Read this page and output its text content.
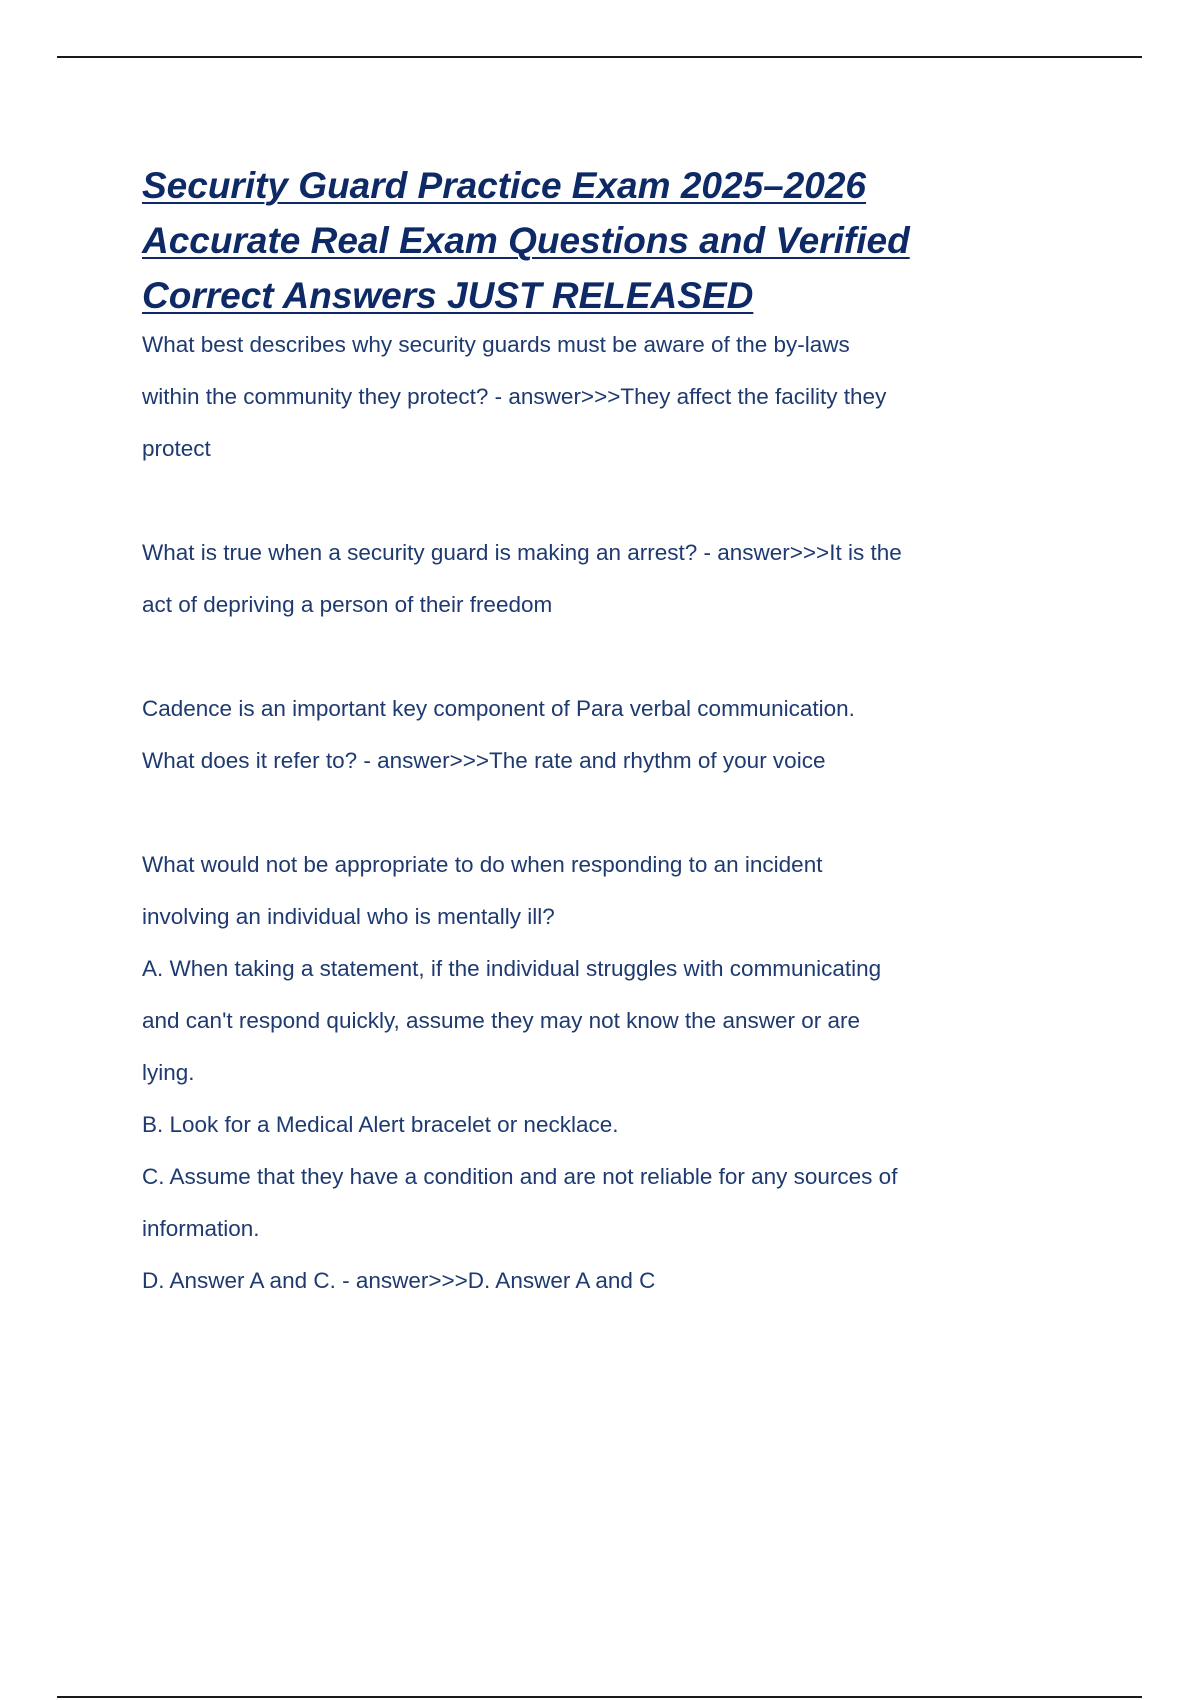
Security Guard Practice Exam 2025–2026
Accurate Real Exam Questions and Verified
Correct Answers JUST RELEASED

What best describes why security guards must be aware of the by-laws
within the community they protect? - answer>>>They affect the facility they
protect

What is true when a security guard is making an arrest? - answer>>>It is the
act of depriving a person of their freedom

Cadence is an important key component of Para verbal communication.
What does it refer to? - answer>>>The rate and rhythm of your voice

What would not be appropriate to do when responding to an incident
involving an individual who is mentally ill?
A. When taking a statement, if the individual struggles with communicating
and can't respond quickly, assume they may not know the answer or are
lying.
B. Look for a Medical Alert bracelet or necklace.
C. Assume that they have a condition and are not reliable for any sources of
information.
D. Answer A and C. - answer>>>D. Answer A and C
